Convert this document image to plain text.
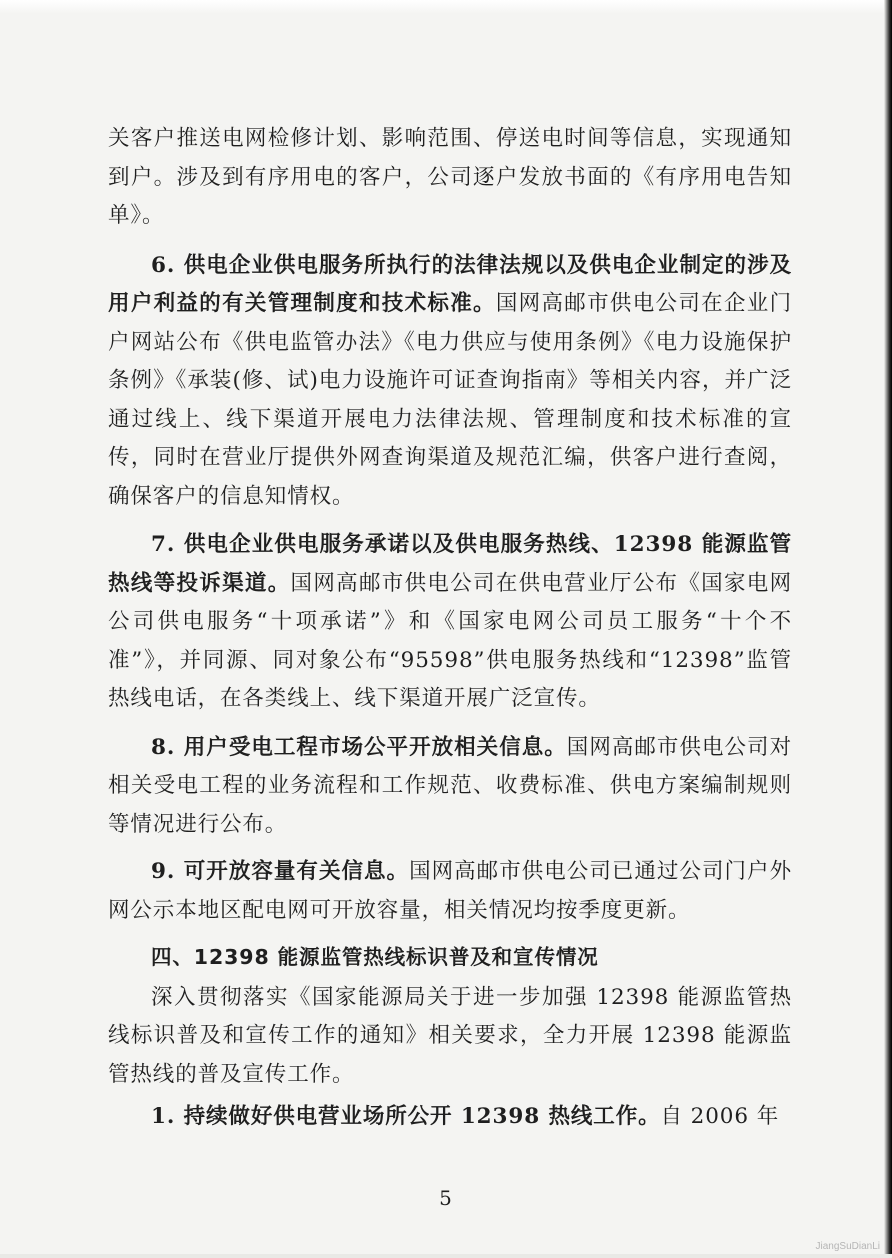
关客户推送电网检修计划、影响范围、停送电时间等信息，实现通知到户。涉及到有序用电的客户，公司逐户发放书面的《有序用电告知单》。

6. 供电企业供电服务所执行的法律法规以及供电企业制定的涉及用户利益的有关管理制度和技术标准。国网高邮市供电公司在企业门户网站公布《供电监管办法》《电力供应与使用条例》《电力设施保护条例》《承装(修、试)电力设施许可证查询指南》等相关内容，并广泛通过线上、线下渠道开展电力法律法规、管理制度和技术标准的宣传，同时在营业厅提供外网查询渠道及规范汇编，供客户进行查阅，确保客户的信息知情权。

7. 供电企业供电服务承诺以及供电服务热线、12398 能源监管热线等投诉渠道。国网高邮市供电公司在供电营业厅公布《国家电网公司供电服务“十项承诺”》和《国家电网公司员工服务“十个不准”》，并同源、同对象公布“95598”供电服务热线和“12398”监管热线电话，在各类线上、线下渠道开展广泛宣传。

8. 用户受电工程市场公平开放相关信息。国网高邮市供电公司对相关受电工程的业务流程和工作规范、收费标准、供电方案编制规则等情况进行公布。

9. 可开放容量有关信息。国网高邮市供电公司已通过公司门户外网公示本地区配电网可开放容量，相关情况均按季度更新。

四、12398 能源监管热线标识普及和宣传情况

深入贯彻落实《国家能源局关于进一步加强 12398 能源监管热线标识普及和宣传工作的通知》相关要求，全力开展 12398 能源监管热线的普及宣传工作。

1. 持续做好供电营业场所公开 12398 热线工作。自 2006 年

5
JiangSuDianLi
